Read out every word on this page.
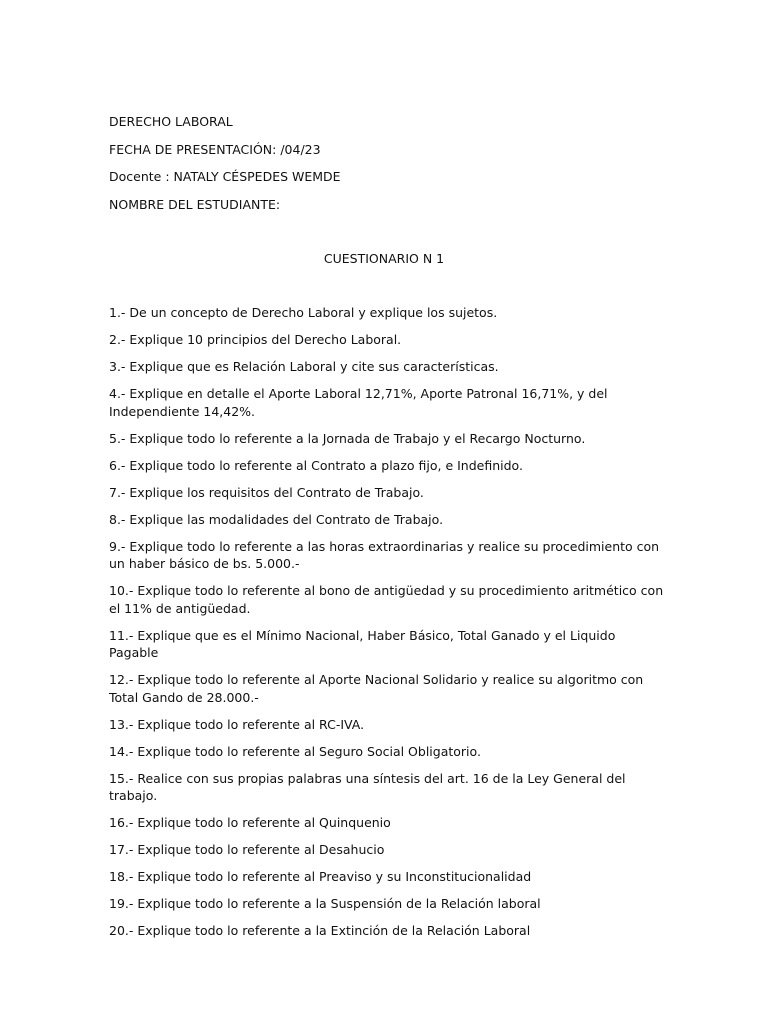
DERECHO LABORAL
FECHA DE PRESENTACIÓN: /04/23
Docente : NATALY CÉSPEDES WEMDE
NOMBRE DEL ESTUDIANTE:
CUESTIONARIO N 1
1.- De un concepto de Derecho Laboral y explique los sujetos.
2.- Explique 10 principios del Derecho Laboral.
3.- Explique que es Relación Laboral y cite sus características.
4.- Explique en detalle el Aporte Laboral 12,71%, Aporte Patronal 16,71%, y del Independiente 14,42%.
5.- Explique todo lo referente a la Jornada de Trabajo y el Recargo Nocturno.
6.- Explique todo lo referente al Contrato a plazo fijo, e Indefinido.
7.- Explique los requisitos del Contrato de Trabajo.
8.- Explique las modalidades del Contrato de Trabajo.
9.- Explique todo lo referente a las horas extraordinarias y realice su procedimiento con un haber básico de bs. 5.000.-
10.- Explique todo lo referente al bono de antigüedad y su procedimiento aritmético con el 11% de antigüedad.
11.- Explique que es el Mínimo Nacional, Haber Básico, Total Ganado y el Liquido Pagable
12.- Explique todo lo referente al Aporte Nacional Solidario y realice su algoritmo con Total Gando de 28.000.-
13.- Explique todo lo referente al RC-IVA.
14.- Explique todo lo referente al Seguro Social Obligatorio.
15.- Realice con sus propias palabras una síntesis del art. 16 de la Ley General del trabajo.
16.- Explique todo lo referente al Quinquenio
17.- Explique todo lo referente al Desahucio
18.- Explique todo lo referente al Preaviso y su Inconstitucionalidad
19.- Explique todo lo referente a la Suspensión de la Relación laboral
20.- Explique todo lo referente a la Extinción de la Relación Laboral
